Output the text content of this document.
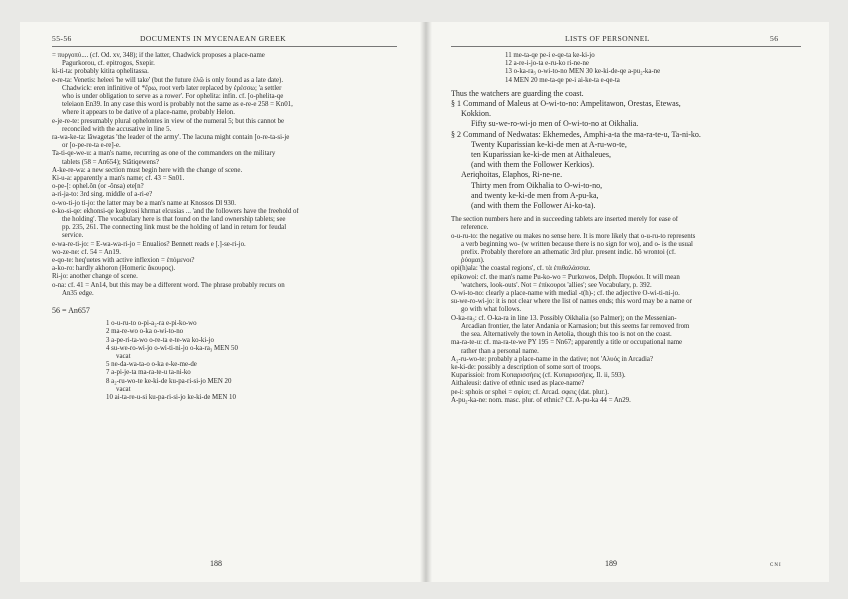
55-56	DOCUMENTS IN MYCENAEAN GREEK
= πυργοπύ.... (cf. Od. xv, 348); if the latter, Chadwick proposes a place-name
Pagurkorou, cf. epitrogos, Sxepir.
ki-ti-ta: probably kitita ophelitassa.
e-re-ta: Venetis: heleei 'he will take' (but the future ἑλῶ is only found as a late date).
Chadwick: eren infinitive of *ἔρω, root verb later replaced by ἐρέσσω; 'a settler
who is under obligation to serve as a rower'. For ophelita: infin. cf. [o-phelita-qe
teleiaon En39. In any case this word is probably not the same as e-re-e 258 = Kn01,
where it appears to be dative of a place-name, probably Helon.
e-je-re-te: presumably plural ophelontes in view of the numeral 5; but this cannot be
reconciled with the accusative in line 5.
ra-wa-ke-ta: lāwagetas 'the leader of the army'. The lacuna might contain [o-re-ta-si-je
or [o-pe-re-ta e-re]-e.
Ta-ti-qe-we-u: a man's name, recurring as one of the commanders on the military
tablets (58 = An654); Stātiqewens?
A-ke-re-wa: a new section must begin here with the change of scene.
Ki-u-a: apparently a man's name; cf. 43 = Sn01.
o-pe-[: ophel.ŏn (or -ŏnsa) ete[n?
a-ri-ja-to: 3rd sing. middle of a-ri-e?
o-wo-ti-jo ti-jo: the latter may be a man's name at Knossos Dl 930.
e-ko-si-qe: ekhonsi-qe kegkrosi khrmat elcusias ... 'and the followers have the freehold of
the holding'. The vocabulary here is that found on the land ownership tablets; see
pp. 235, 261. The connecting link must be the holding of land in return for feudal
service.
e-wa-re-ti-jo: = E-wa-wa-ri-jo = Enualios? Bennett reads e [.]-se-ri-jo.
wo-ze-ne: cf. 54 = An19.
e-qo-te: heq'uetes with active inflexion = ἑπόμενοι?
a-ko-ro: hardly akhoron (Homeric ἄκουρος).
Ri-jo: another change of scene.
o-na: cf. 41 = An14, but this may be a different word. The phrase probably recurs on
An35 edge.
56 = An657
1 o-u-ru-to o-pi-a₂-ra e-pi-ko-wo
2 ma-re-wo o-ka o-wi-to-no
3 a-pe-ri-ta-wo o-re-ta e-te-wa ko-ki-jo
4 su-we-ro-wi-jo o-wi-ti-ni-jo o-ka-ra₃ MEN 50
vacat
5 ne-da-wa-ta-o o-ka e-ke-me-de
7 a-pi-je-ta ma-ra-te-u ta-ni-ko
8 a₂-ru-wo-te ke-ki-de ku-pa-ri-si-jo MEN 20
vacat
10 ai-ta-re-u-si ku-pa-ri-si-jo ke-ki-de MEN 10
188
LISTS OF PERSONNEL	56
11 me-ta-qe pe-i e-qe-ta ke-ki-jo
12 a-re-i-jo-ta e-ru-ko ri-ne-ne
13 o-ka-ra₃ o-wi-to-no MEN 30 ke-ki-de-qe a-pu₂-ka-ne
14 MEN 20 me-ta-qe pe-i ai-ke-ta e-qe-ta
Thus the watchers are guarding the coast.
§ 1 Command of Maleus at O-wi-to-no: Ampelitawon, Orestas, Etewas,
Kokkion.
Fifty su-we-ro-wi-jo men of O-wi-to-no at Oikhalia.
§ 2 Command of Nedwatas: Ekhemedes, Amphi-a-ta the ma-ra-te-u, Ta-ni-ko.
Twenty Kuparissian ke-ki-de men at A-ru-wo-te,
ten Kuparissian ke-ki-de men at Aithaleues,
(and with them the Follower Kerkios).
Aeriqhoitas, Elaphos, Ri-ne-ne.
Thirty men from Oikhalia to O-wi-to-no,
and twenty ke-ki-de men from A-pu-ka,
(and with them the Follower Ai-ko-ta).
The section numbers here and in succeeding tablets are inserted merely for ease of
reference.
o-u-ru-to: the negative ou makes no sense here. It is more likely that o-u-ru-to represents
a verb beginning wo- (w written because there is no sign for wo), and o- is the usual
prefix. Probably therefore an athematic 3rd plur. present indic. hō wrontoi (cf.
ῥύομαι).
opi(h)ala: 'the coastal regions', cf. τὰ ἐπιθαλάσσια.
epikowoi: cf. the man's name Pu-ko-wo = Purkowos, Delph. Πυρκόοι. It will mean
'watchers, look-outs'. Not = ἐπίκουροι 'allies'; see Vocabulary, p. 392.
O-wi-to-no: clearly a place-name with medial -t(h)-; cf. the adjective O-wi-ti-ni-jo.
su-we-ro-wi-jo: it is not clear where the list of names ends; this word may be a name or
go with what follows.
O-ka-ra₃: cf. O-ka-ra in line 13. Possibly Oikhalia (so Palmer); on the Messenian-
Arcadian frontier, the later Andania or Karnasion; but this seems far removed from
the sea. Alternatively the town in Aetolia, though this too is not on the coast.
ma-ra-te-u: cf. ma-ra-te-we PY 195 = Nn67; apparently a title or occupational name
rather than a personal name.
A₂-ru-wo-te: probably a place-name in the dative; not 'Αλυός in Arcadia?
ke-ki-de: possibly a description of some sort of troops.
Kuparissioi: from Κυπαρισσήεις (cf. Κυπαρισσήεις, Il. ii, 593).
Aithaleusi: dative of ethnic used as place-name?
pe-i: sphois or sphei = σφίσι; cf. Arcad. σφεις (dat. plur.).
A-pu₂-ka-ne: nom. masc. plur. of ethnic? Cf. A-pu-ka 44 = An29.
189	CNI
